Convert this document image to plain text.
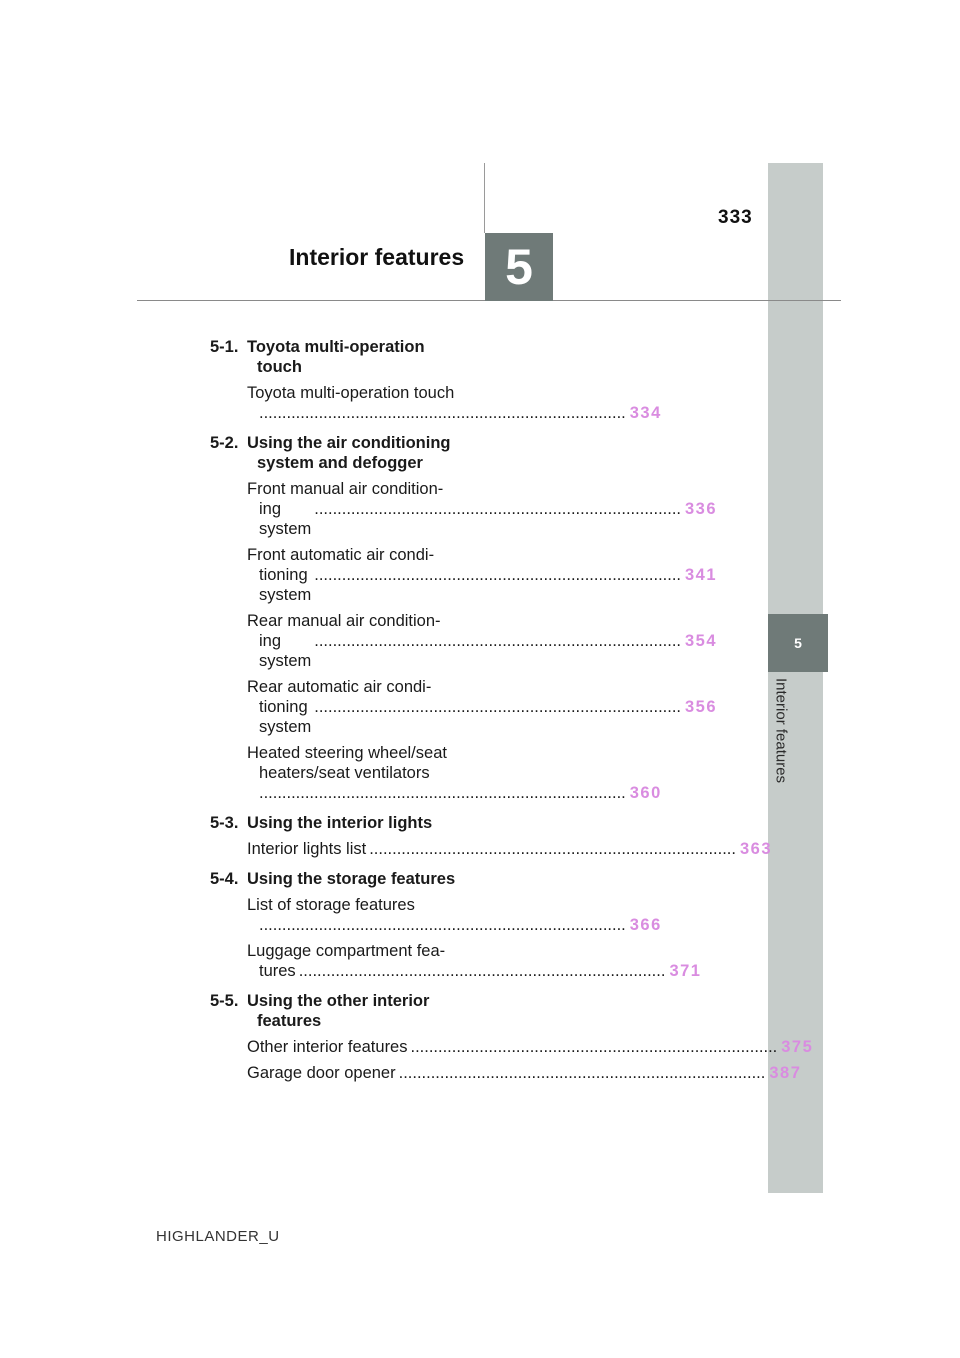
5
Interior features
5
Interior features
333
5-1. Toyota multi-operation touch
Toyota multi-operation touch
................................................................................ 334
5-2. Using the air conditioning system and defogger
Front manual air condition-
ing system
................................................................................ 336
Front automatic air condi-
tioning system
................................................................................ 341
Rear manual air condition-
ing system
................................................................................ 354
Rear automatic air condi-
tioning system
................................................................................ 356
Heated steering wheel/seat
heaters/seat ventilators
................................................................................ 360
5-3. Using the interior lights
Interior lights list ................................................................................ 363
5-4. Using the storage features
List of storage features
................................................................................ 366
Luggage compartment fea-
tures ................................................................................ 371
5-5. Using the other interior features
Other interior features ................................................................................ 375
Garage door opener ................................................................................ 387
HIGHLANDER_U
